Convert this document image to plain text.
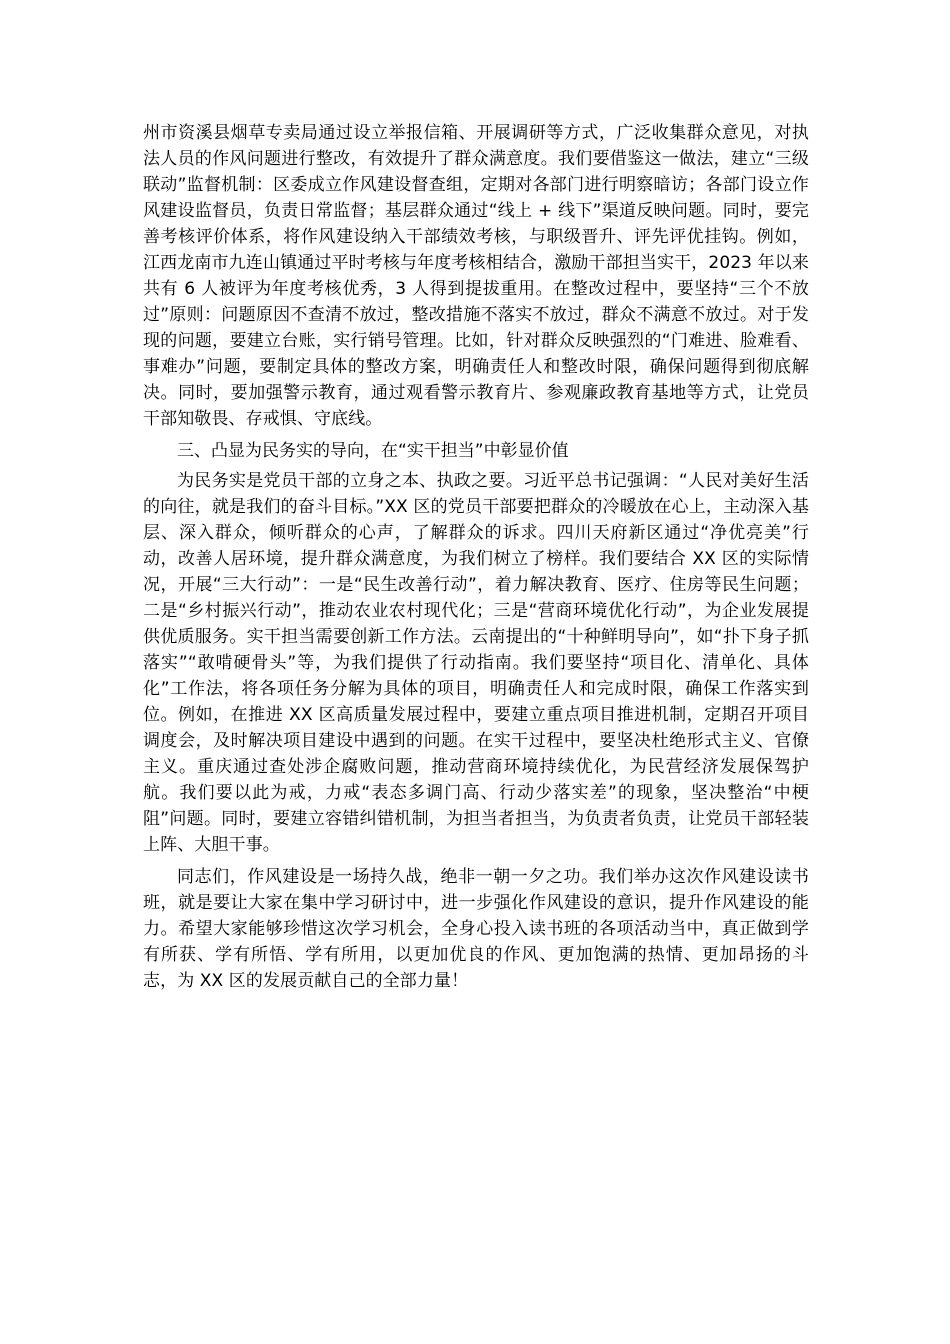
州市资溪县烟草专卖局通过设立举报信箱、开展调研等方式，广泛收集群众意见，对执法人员的作风问题进行整改，有效提升了群众满意度。我们要借鉴这一做法，建立“三级联动”监督机制：区委成立作风建设督查组，定期对各部门进行明察暗访；各部门设立作风建设监督员，负责日常监督；基层群众通过“线上 + 线下”渠道反映问题。同时，要完善考核评价体系，将作风建设纳入干部绩效考核，与职级晋升、评先评优挂钩。例如，江西龙南市九连山镇通过平时考核与年度考核相结合，激励干部担当实干，2023 年以来共有 6 人被评为年度考核优秀，3 人得到提拔重用。在整改过程中，要坚持“三个不放过”原则：问题原因不查清不放过，整改措施不落实不放过，群众不满意不放过。对于发现的问题，要建立台账，实行销号管理。比如，针对群众反映强烈的“门难进、脸难看、事难办”问题，要制定具体的整改方案，明确责任人和整改时限，确保问题得到彻底解决。同时，要加强警示教育，通过观看警示教育片、参观廉政教育基地等方式，让党员干部知敬畏、存戒惧、守底线。

三、凸显为民务实的导向，在“实干担当”中彰显价值

为民务实是党员干部的立身之本、执政之要。习近平总书记强调：“人民对美好生活的向往，就是我们的奋斗目标。”XX 区的党员干部要把群众的冷暖放在心上，主动深入基层、深入群众，倾听群众的心声，了解群众的诉求。四川天府新区通过“净优亮美”行动，改善人居环境，提升群众满意度，为我们树立了榜样。我们要结合 XX 区的实际情况，开展“三大行动”：一是“民生改善行动”，着力解决教育、医疗、住房等民生问题；二是“乡村振兴行动”，推动农业农村现代化；三是“营商环境优化行动”，为企业发展提供优质服务。实干担当需要创新工作方法。云南提出的“十种鲜明导向”，如“扑下身子抓落实”“敢啃硬骨头”等，为我们提供了行动指南。我们要坚持“项目化、清单化、具体化”工作法，将各项任务分解为具体的项目，明确责任人和完成时限，确保工作落实到位。例如，在推进 XX 区高质量发展过程中，要建立重点项目推进机制，定期召开项目调度会，及时解决项目建设中遇到的问题。在实干过程中，要坚决杜绝形式主义、官僚主义。重庆通过查处涉企腐败问题，推动营商环境持续优化，为民营经济发展保驾护航。我们要以此为戒，力戒“表态多调门高、行动少落实差”的现象，坚决整治“中梗阻”问题。同时，要建立容错纠错机制，为担当者担当，为负责者负责，让党员干部轻装上阵、大胆干事。

同志们，作风建设是一场持久战，绝非一朝一夕之功。我们举办这次作风建设读书班，就是要让大家在集中学习研讨中，进一步强化作风建设的意识，提升作风建设的能力。希望大家能够珍惜这次学习机会，全身心投入读书班的各项活动当中，真正做到学有所获、学有所悟、学有所用，以更加优良的作风、更加饱满的热情、更加昂扬的斗志，为 XX 区的发展贡献自己的全部力量！
